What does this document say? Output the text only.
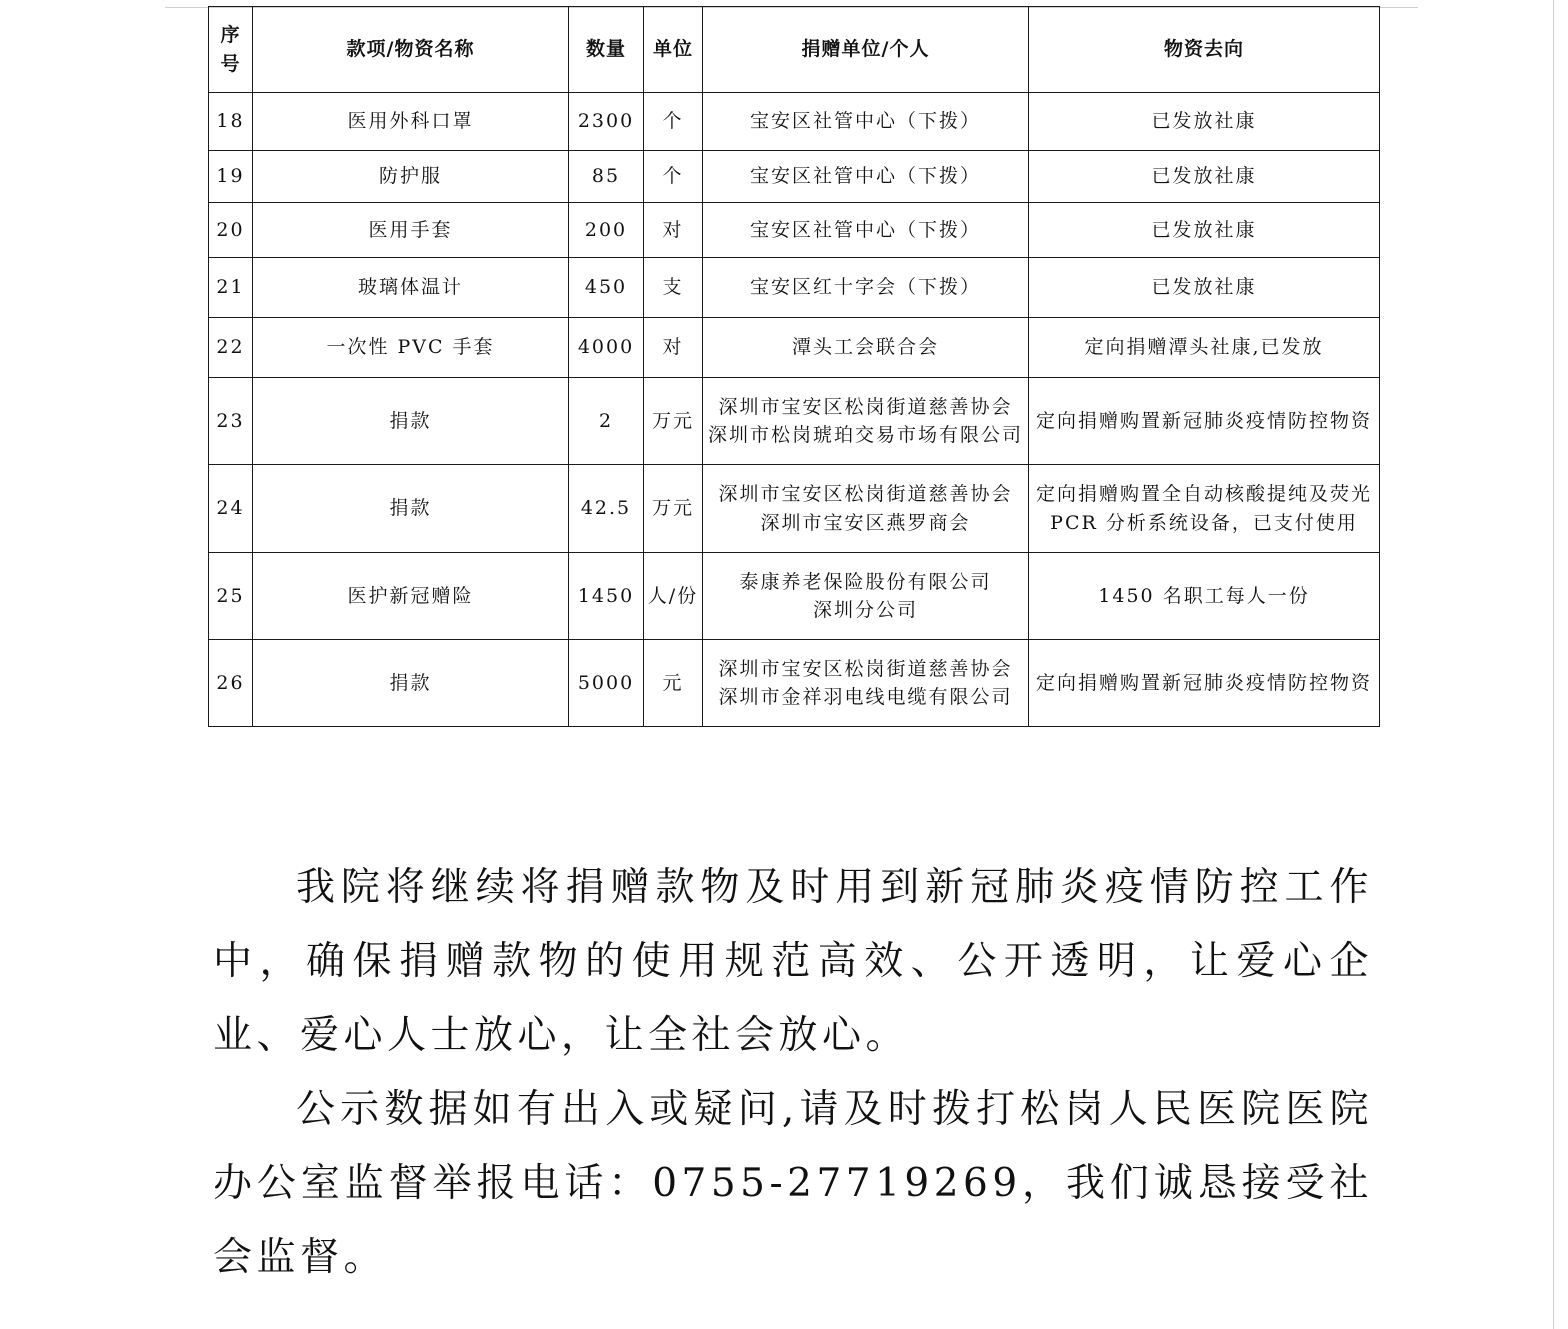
序 号	款项/物资名称	数量	单位	捐赠单位/个人	物资去向
18	医用外科口罩	2300	个	宝安区社管中心（下拨）	已发放社康

19	防护服	85	个	宝安区社管中心（下拨）	已发放社康

20	医用手套	200	对	宝安区社管中心（下拨）	已发放社康

21	玻璃体温计	450	支	宝安区红十字会（下拨）	已发放社康

22	一次性 PVC 手套	4000	对	潭头工会联合会	定向捐赠潭头社康,已发放

23	捐款	2	万元	深圳市宝安区松岗街道慈善协会
深圳市松岗琥珀交易市场有限公司	定向捐赠购置新冠肺炎疫情防控物资

24	捐款	42.5	万元	深圳市宝安区松岗街道慈善协会
深圳市宝安区燕罗商会	定向捐赠购置全自动核酸提纯及荧光
PCR 分析系统设备，已支付使用

25	医护新冠赠险	1450	人/份	泰康养老保险股份有限公司
深圳分公司	1450 名职工每人一份

26	捐款	5000	元	深圳市宝安区松岗街道慈善协会
深圳市金祥羽电线电缆有限公司	定向捐赠购置新冠肺炎疫情防控物资

我院将继续将捐赠款物及时用到新冠肺炎疫情防控工作中，确保捐赠款物的使用规范高效、公开透明，让爱心企业、爱心人士放心，让全社会放心。

公示数据如有出入或疑问,请及时拨打松岗人民医院医院办公室监督举报电话：0755-27719269，我们诚恳接受社会监督。
